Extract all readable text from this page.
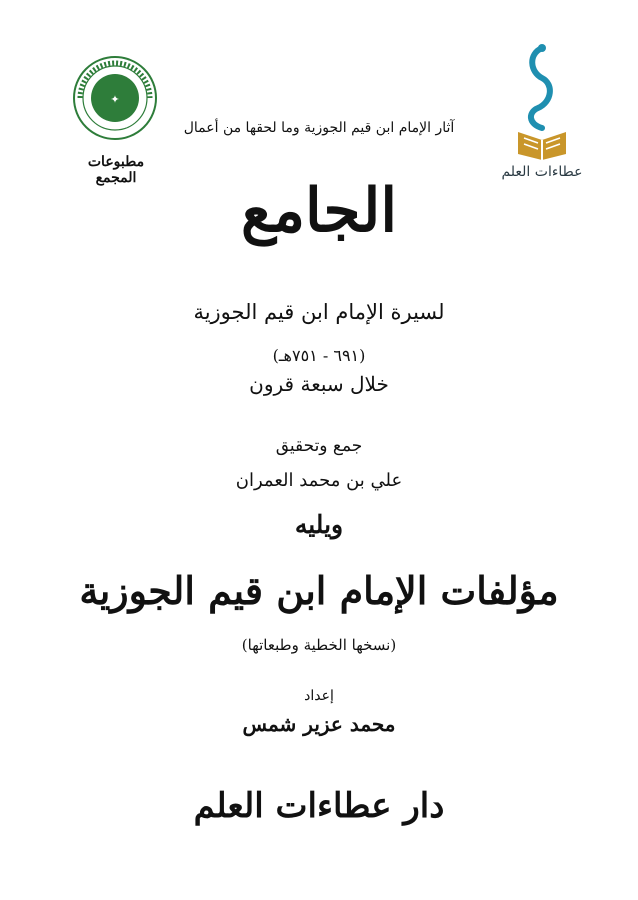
عطاءات العلم
✦
مطبوعات المجمع
آثار الإمام ابن قيم الجوزية وما لحقها من أعمال
الجامع
لسيرة الإمام ابن قيم الجوزية
(٦٩١ - ٧٥١هـ)
خلال سبعة قرون
جمع وتحقيق
علي بن محمد العمران
ويليه
مؤلفات الإمام ابن قيم الجوزية
(نسخها الخطية وطبعاتها)
إعداد
محمد عزير شمس
دار عطاءات العلم
